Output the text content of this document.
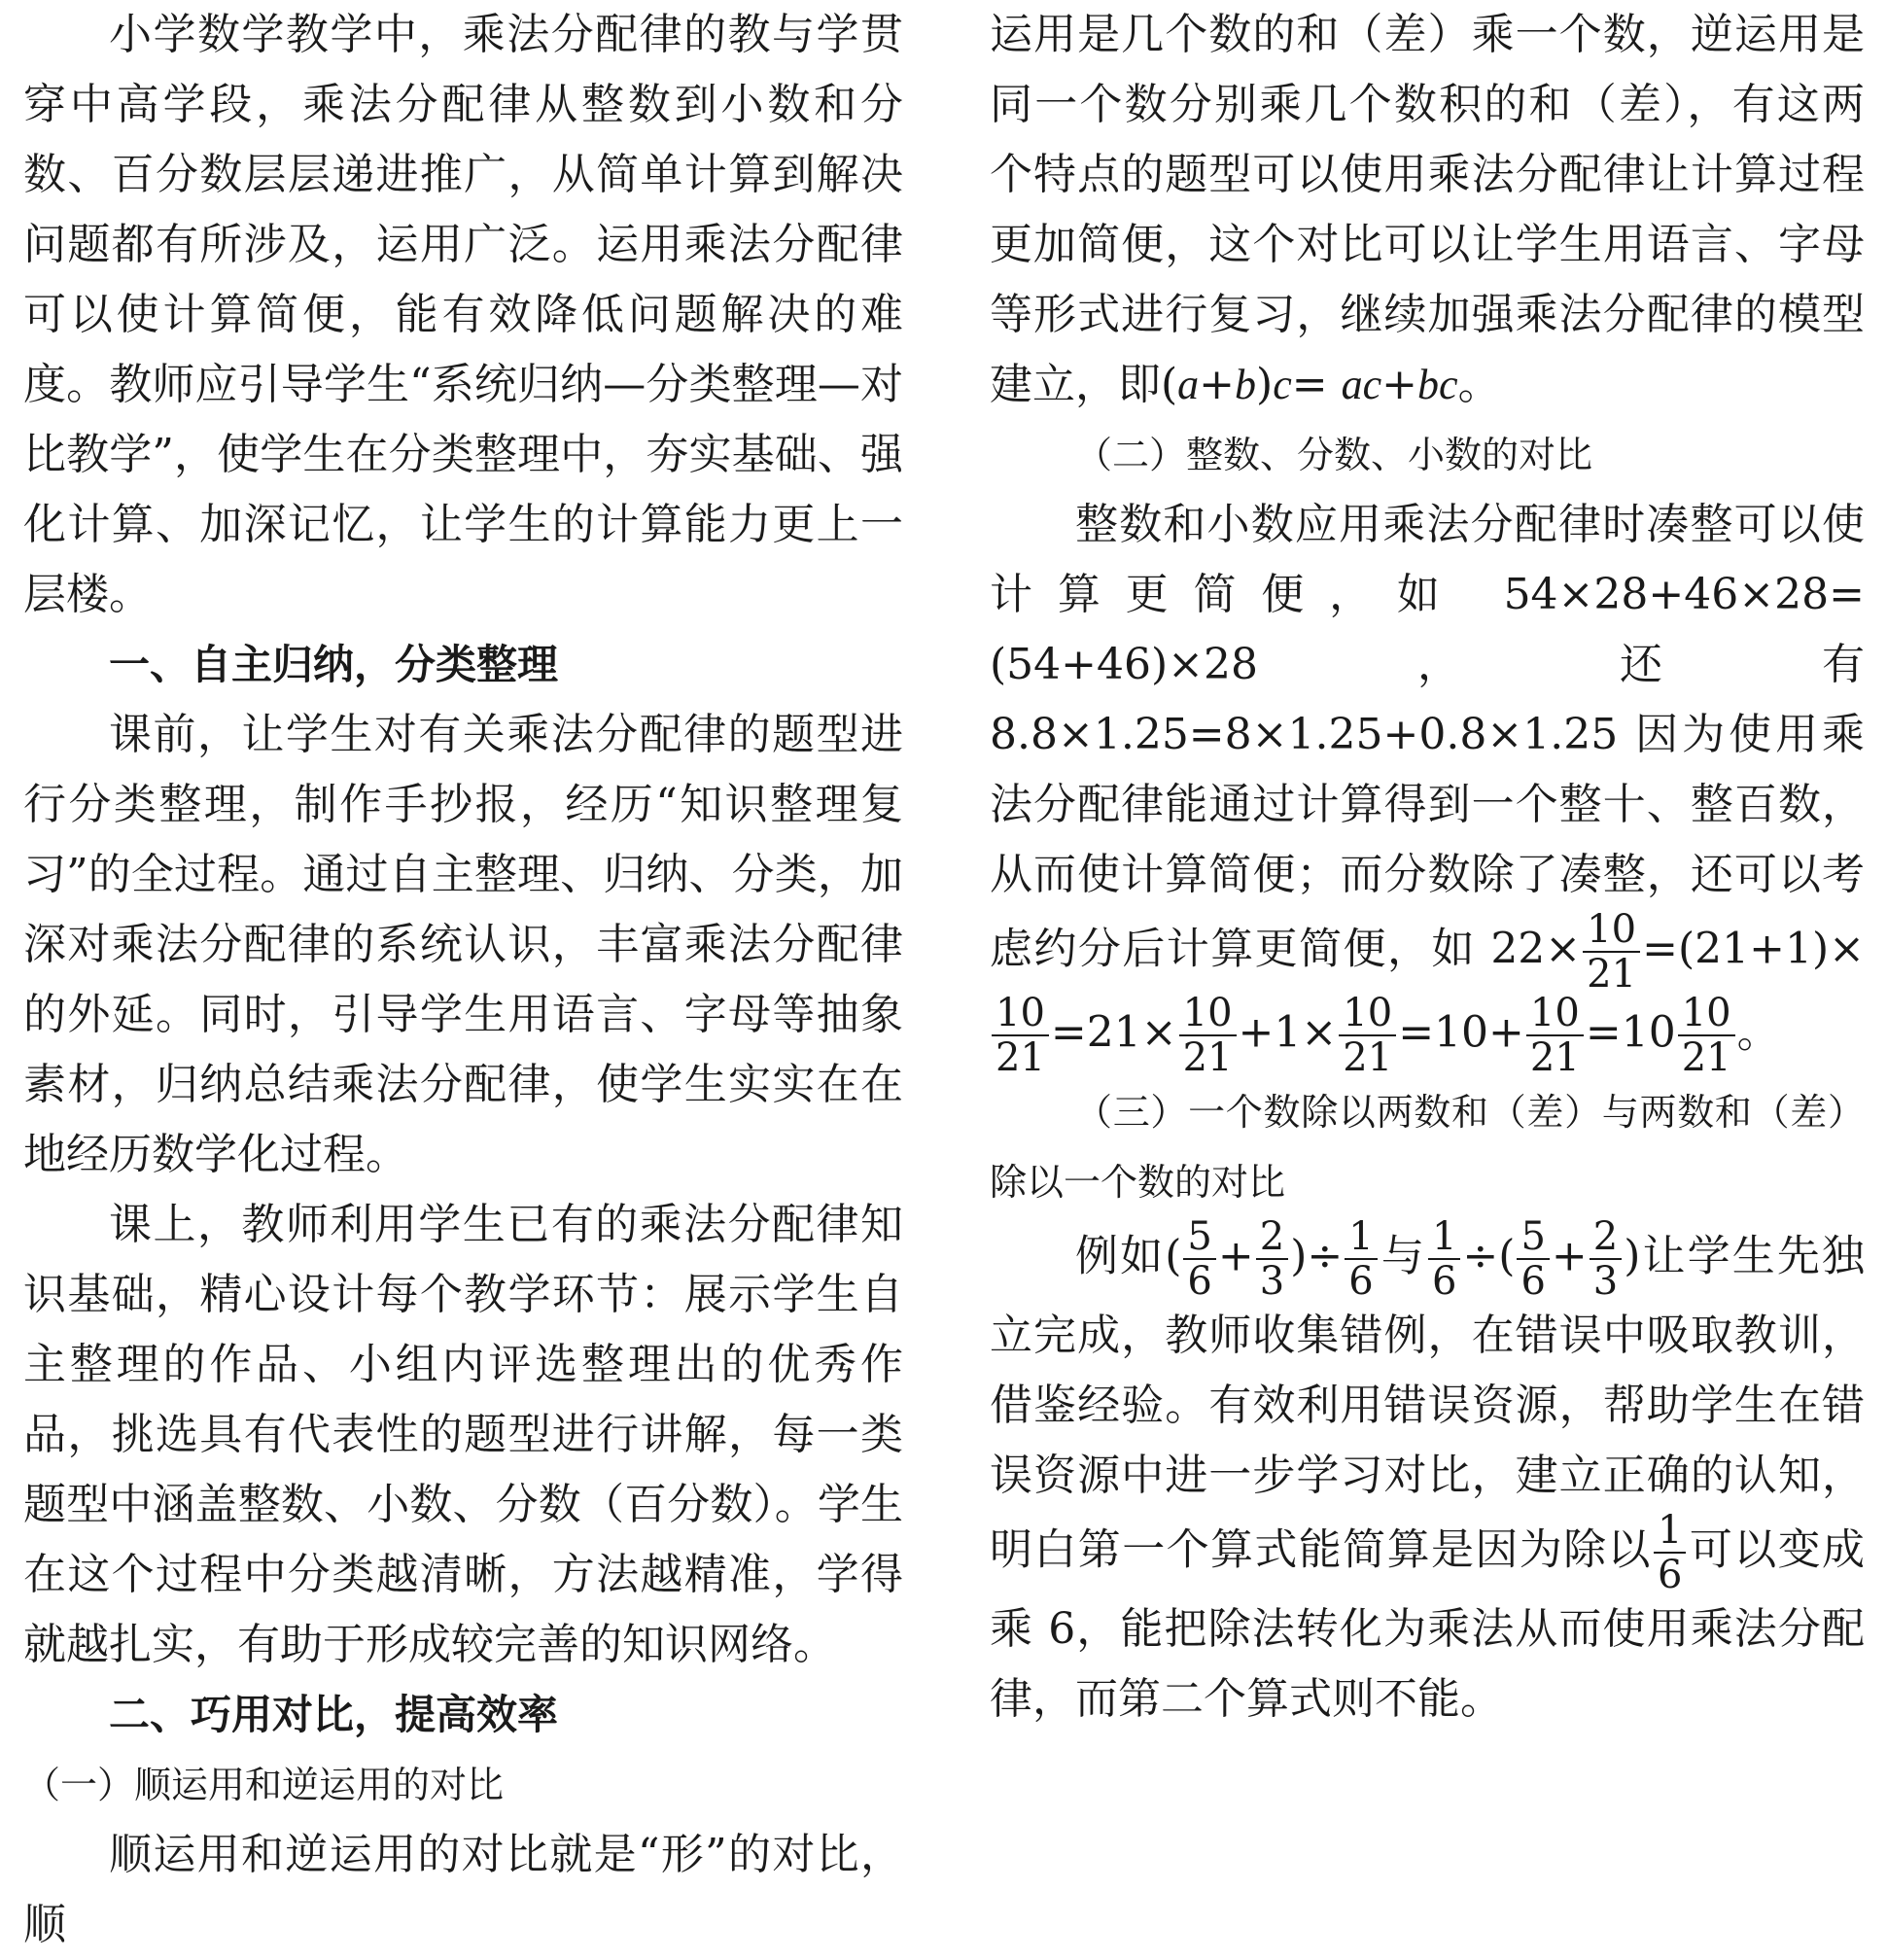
小学数学教学中，乘法分配律的教与学贯穿中高学段，乘法分配律从整数到小数和分数、百分数层层递进推广，从简单计算到解决问题都有所涉及，运用广泛。运用乘法分配律可以使计算简便，能有效降低问题解决的难度。教师应引导学生“系统归纳—分类整理—对比教学”，使学生在分类整理中，夯实基础、强化计算、加深记忆，让学生的计算能力更上一层楼。

一、自主归纳，分类整理

课前，让学生对有关乘法分配律的题型进行分类整理，制作手抄报，经历“知识整理复习”的全过程。通过自主整理、归纳、分类，加深对乘法分配律的系统认识，丰富乘法分配律的外延。同时，引导学生用语言、字母等抽象素材，归纳总结乘法分配律，使学生实实在在地经历数学化过程。

课上，教师利用学生已有的乘法分配律知识基础，精心设计每个教学环节：展示学生自主整理的作品、小组内评选整理出的优秀作品，挑选具有代表性的题型进行讲解，每一类题型中涵盖整数、小数、分数（百分数）。学生在这个过程中分类越清晰，方法越精准，学得就越扎实，有助于形成较完善的知识网络。

二、巧用对比，提高效率
（一）顺运用和逆运用的对比

顺运用和逆运用的对比就是“形”的对比，顺

运用是几个数的和（差）乘一个数，逆运用是同一个数分别乘几个数积的和（差），有这两个特点的题型可以使用乘法分配律让计算过程更加简便，这个对比可以让学生用语言、字母等形式进行复习，继续加强乘法分配律的模型建立，即(a+b)c= ac+bc。
（二）整数、分数、小数的对比

整数和小数应用乘法分配律时凑整可以使计算更简便，如 54×28+46×28=(54+46)×28，还有 8.8×1.25=8×1.25+0.8×1.25 因为使用乘法分配律能通过计算得到一个整十、整百数，从而使计算简便；而分数除了凑整，还可以考虑约分后计算更简便，如 $22\times \frac{10}{21} =(21+1)\times$
$\frac{10}{21} =21\times \frac{10}{21} +1\times \frac{10}{21} =10+ \frac{10}{21} =10 \frac{10}{21}$ 。

（三）一个数除以两数和（差）与两数和（差）除以一个数的对比

例如( $\frac{5}{6} + \frac{2}{3}$ )÷ $\frac{1}{6}$ 与 $\frac{1}{6}$ ÷( $\frac{5}{6} + \frac{2}{3}$ )让学生先独立完成，教师收集错例，在错误中吸取教训，借鉴经验。有效利用错误资源，帮助学生在错误资源中进一步学习对比，建立正确的认知，明白第一个算式能简算是因为除以 $\frac{1}{6}$ 可以变成乘 6，能把除法转化为乘法从而使用乘法分配律，而第二个算式则不能。
